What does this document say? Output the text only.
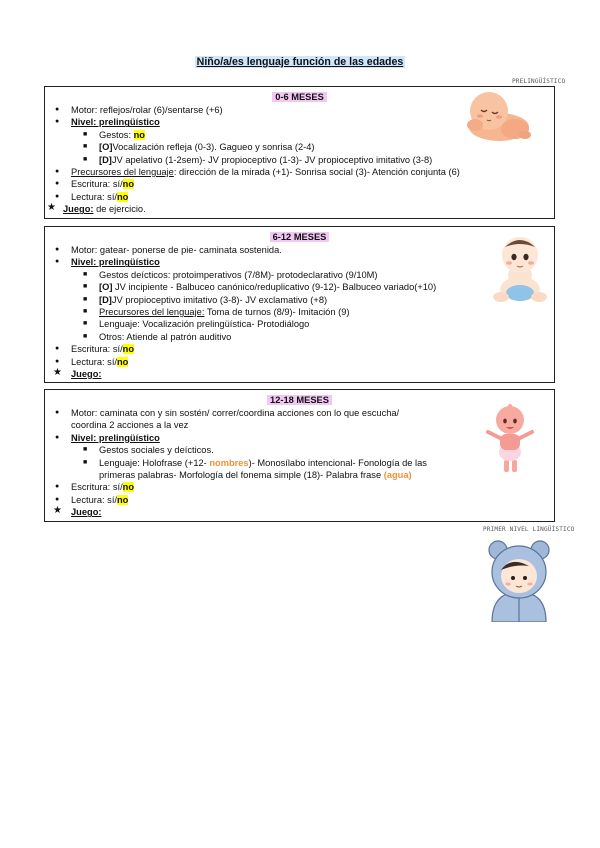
Niño/a/es lenguaje función de las edades
PRELINGÜÍSTICO
0-6 MESES
● Motor: reflejos/rolar (6)/sentarse (+6)
● Nivel: prelingüístico
■ Gestos: no
■ [O]Vocalización refleja (0-3). Gagueo y sonrisa (2-4)
■ [D]JV apelativo (1-2sem)- JV propioceptivo (1-3)- JV propioceptivo imitativo (3-8)
● Precursores del lenguaje: dirección de la mirada (+1)- Sonrisa social (3)- Atención conjunta (6)
● Escritura: sí/no
● Lectura: sí/no
★ Juego: de ejercicio.
6-12 MESES
● Motor: gatear- ponerse de pie- caminata sostenida.
● Nivel: prelingüístico
■ Gestos deícticos: protoimperativos (7/8M)- protodeclarativo (9/10M)
■ [O] JV incipiente - Balbuceo canónico/reduplicativo (9-12)- Balbuceo variado(+10)
■ [D]JV propioceptivo imitativo (3-8)- JV exclamativo (+8)
■ Precursores del lenguaje: Toma de turnos (8/9)- Imitación (9)
■ Lenguaje: Vocalización prelingüística- Protodiálogo
■ Otros: Atiende al patrón auditivo
● Escritura: sí/no
● Lectura: sí/no
★ Juego:
12-18 MESES
● Motor: caminata con y sin sostén/ correr/coordina acciones con lo que escucha/ coordina 2 acciones a la vez
● Nivel: prelingüístico
■ Gestos sociales y deícticos.
■ Lenguaje: Holofrase (+12- nombres)- Monosílabo intencional- Fonología de las primeras palabras- Morfología del fonema simple (18)- Palabra frase (agua)
● Escritura: sí/no
● Lectura: sí/no
★ Juego:
PRIMER NIVEL LINGÜÍSTICO
